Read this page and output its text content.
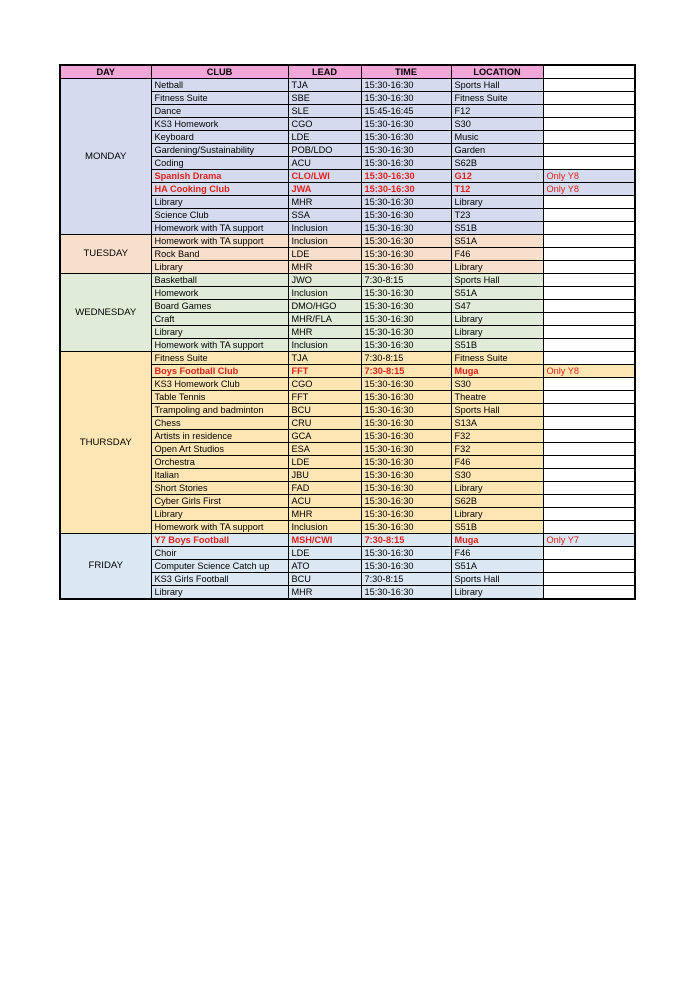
DAY	CLUB	LEAD	TIME	LOCATION	
MONDAY	Netball	TJA	15:30-16:30	Sports Hall	
	Fitness Suite	SBE	15:30-16:30	Fitness Suite	
	Dance	SLE	15:45-16:45	F12	
	KS3 Homework	CGO	15:30-16:30	S30	
	Keyboard	LDE	15:30-16:30	Music	
	Gardening/Sustainability	POB/LDO	15:30-16:30	Garden	
	Coding	ACU	15:30-16:30	S62B	
	Spanish Drama	CLO/LWI	15:30-16:30	G12	Only Y8
	HA Cooking Club	JWA	15:30-16:30	T12	Only Y8
	Library	MHR	15:30-16:30	Library	
	Science Club	SSA	15:30-16:30	T23	
	Homework with TA support	Inclusion	15:30-16:30	S51B	
TUESDAY	Homework with TA support	Inclusion	15:30-16:30	S51A	
	Rock Band	LDE	15:30-16:30	F46	
	Library	MHR	15:30-16:30	Library	
WEDNESDAY	Basketball	JWO	7:30-8:15	Sports Hall	
	Homework	Inclusion	15:30-16:30	S51A	
	Board Games	DMO/HGO	15:30-16:30	S47	
	Craft	MHR/FLA	15:30-16:30	Library	
	Library	MHR	15:30-16:30	Library	
	Homework with TA support	Inclusion	15:30-16:30	S51B	
THURSDAY	Fitness Suite	TJA	7:30-8:15	Fitness Suite	
	Boys Football Club	FFT	7:30-8:15	Muga	Only Y8
	KS3 Homework Club	CGO	15:30-16:30	S30	
	Table Tennis	FFT	15:30-16:30	Theatre	
	Trampoling and badminton	BCU	15:30-16:30	Sports Hall	
	Chess	CRU	15:30-16:30	S13A	
	Artists in residence	GCA	15:30-16:30	F32	
	Open Art Studios	ESA	15:30-16:30	F32	
	Orchestra	LDE	15:30-16:30	F46	
	Italian	JBU	15:30-16:30	S30	
	Short Stories	FAD	15:30-16:30	Library	
	Cyber Girls First	ACU	15:30-16:30	S62B	
	Library	MHR	15:30-16:30	Library	
	Homework with TA support	Inclusion	15:30-16:30	S51B	
FRIDAY	Y7 Boys Football	MSH/CWI	7:30-8:15	Muga	Only Y7
	Choir	LDE	15:30-16:30	F46	
	Computer Science Catch up	ATO	15:30-16:30	S51A	
	KS3 Girls Football	BCU	7:30-8:15	Sports Hall	
	Library	MHR	15:30-16:30	Library	
